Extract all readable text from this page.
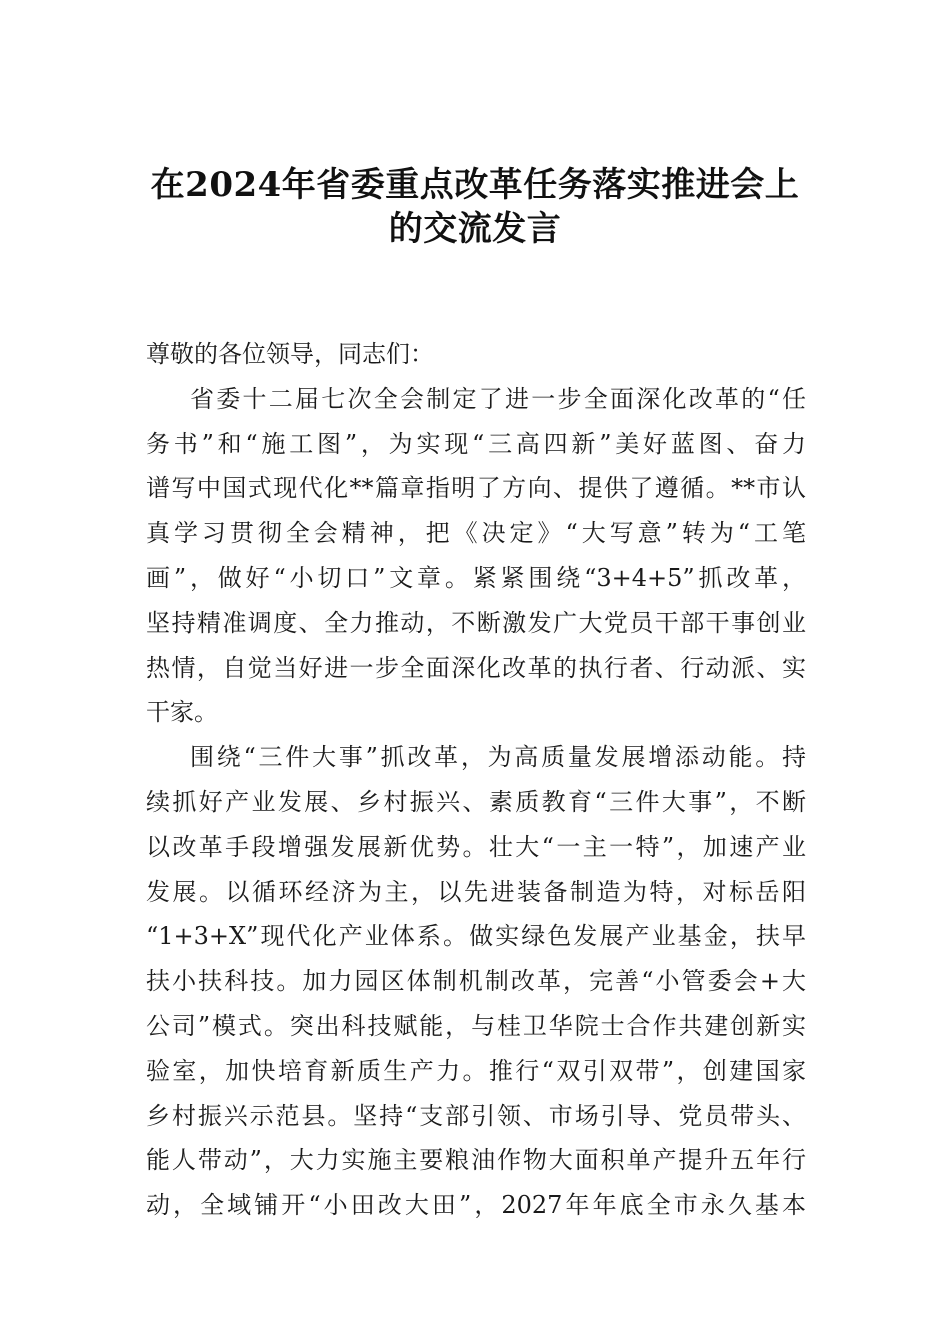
在2024年省委重点改革任务落实推进会上
的交流发言
尊敬的各位领导，同志们：
省委十二届七次全会制定了进一步全面深化改革的“任
务书”和“施工图”，为实现“三高四新”美好蓝图、奋力
谱写中国式现代化**篇章指明了方向、提供了遵循。**市认
真学习贯彻全会精神，把《决定》“大写意”转为“工笔
画”，做好“小切口”文章。紧紧围绕“3+4+5”抓改革，
坚持精准调度、全力推动，不断激发广大党员干部干事创业
热情，自觉当好进一步全面深化改革的执行者、行动派、实
干家。
围绕“三件大事”抓改革，为高质量发展增添动能。持
续抓好产业发展、乡村振兴、素质教育“三件大事”，不断
以改革手段增强发展新优势。壮大“一主一特”，加速产业
发展。以循环经济为主，以先进装备制造为特，对标岳阳
“1+3+X”现代化产业体系。做实绿色发展产业基金，扶早
扶小扶科技。加力园区体制机制改革，完善“小管委会+大
公司”模式。突出科技赋能，与桂卫华院士合作共建创新实
验室，加快培育新质生产力。推行“双引双带”，创建国家
乡村振兴示范县。坚持“支部引领、市场引导、党员带头、
能人带动”，大力实施主要粮油作物大面积单产提升五年行
动，全域铺开“小田改大田”，2027年年底全市永久基本
